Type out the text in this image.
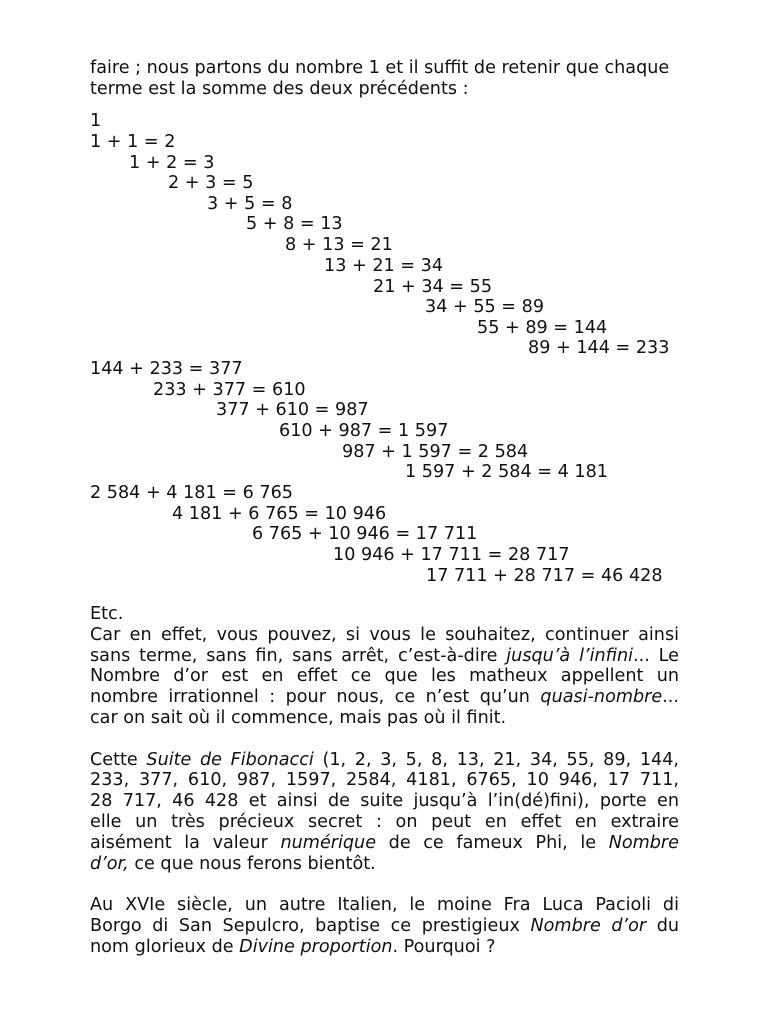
faire ; nous partons du nombre 1 et il suffit de retenir que chaque

terme est la somme des deux précédents :

1
1 + 1 = 2
1 + 2 = 3
2 + 3 = 5
3 + 5 = 8
5 + 8 = 13
8 + 13 = 21
13 + 21 = 34
21 + 34 = 55
34 + 55 = 89
55 + 89 = 144
89 + 144 = 233
144 + 233 = 377
233 + 377 = 610
377 + 610 = 987
610 + 987 = 1 597
987 + 1 597 = 2 584
1 597 + 2 584 = 4 181
2 584 + 4 181 = 6 765
4 181 + 6 765 = 10 946
6 765 + 10 946 = 17 711
10 946 + 17 711 = 28 717
17 711 + 28 717 = 46 428
Etc.
Car en effet, vous pouvez, si vous le souhaitez, continuer ainsi
sans terme, sans fin, sans arrêt, c’est-à-dire jusqu’à l’infini... Le
Nombre d’or est en effet ce que les matheux appellent un
nombre irrationnel : pour nous, ce n’est qu’un quasi-nombre...
car on sait où il commence, mais pas où il finit.
Cette Suite de Fibonacci (1, 2, 3, 5, 8, 13, 21, 34, 55, 89, 144,
233, 377, 610, 987, 1597, 2584, 4181, 6765, 10 946, 17 711,
28 717, 46 428 et ainsi de suite jusqu’à l’in(dé)fini), porte en
elle un très précieux secret : on peut en effet en extraire
aisément la valeur numérique de ce fameux Phi, le Nombre
d’or, ce que nous ferons bientôt.
Au XVIe siècle, un autre Italien, le moine Fra Luca Pacioli di
Borgo di San Sepulcro, baptise ce prestigieux Nombre d’or du
nom glorieux de Divine proportion. Pourquoi ?
